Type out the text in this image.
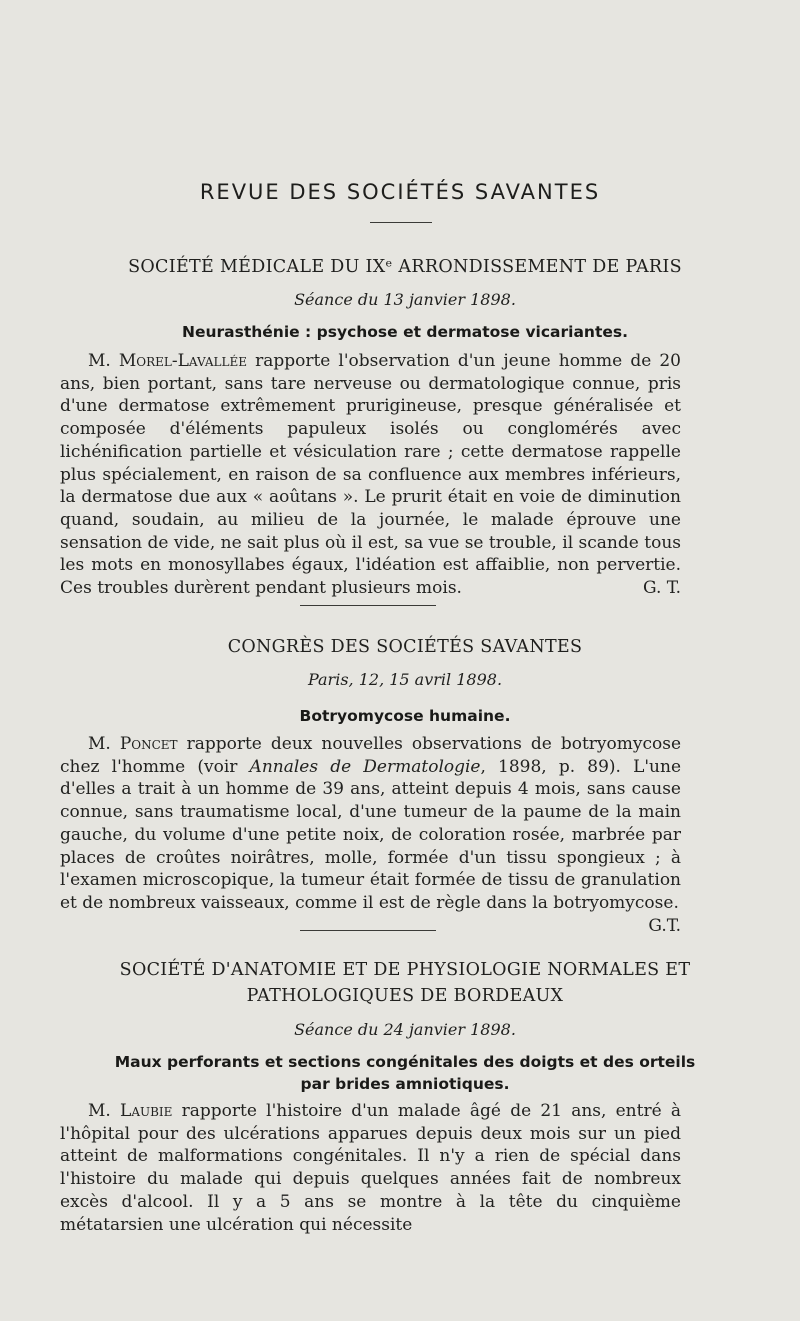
REVUE DES SOCIÉTÉS SAVANTES
SOCIÉTÉ MÉDICALE DU IXᵉ ARRONDISSEMENT DE PARIS
Séance du 13 janvier 1898.
Neurasthénie : psychose et dermatose vicariantes.

M. Morel-Lavallée rapporte l'observation d'un jeune homme de 20 ans, bien portant, sans tare nerveuse ou dermatologique connue, pris d'une dermatose extrêmement prurigineuse, presque généralisée et composée d'éléments papuleux isolés ou conglomérés avec lichénification partielle et vésiculation rare ; cette dermatose rappelle plus spécialement, en raison de sa confluence aux membres inférieurs, la dermatose due aux « aoûtans ». Le prurit était en voie de diminution quand, soudain, au milieu de la journée, le malade éprouve une sensation de vide, ne sait plus où il est, sa vue se trouble, il scande tous les mots en monosyllabes égaux, l'idéation est affaiblie, non pervertie. Ces troubles durèrent pendant plusieurs mois.	G. T.

CONGRÈS DES SOCIÉTÉS SAVANTES
Paris, 12, 15 avril 1898.
Botryomycose humaine.

M. Poncet rapporte deux nouvelles observations de botryomycose chez l'homme (voir Annales de Dermatologie, 1898, p. 89). L'une d'elles a trait à un homme de 39 ans, atteint depuis 4 mois, sans cause connue, sans traumatisme local, d'une tumeur de la paume de la main gauche, du volume d'une petite noix, de coloration rosée, marbrée par places de croûtes noirâtres, molle, formée d'un tissu spongieux ; à l'examen microscopique, la tumeur était formée de tissu de granulation et de nombreux vaisseaux, comme il est de règle dans la botryomycose.
G.T.

SOCIÉTÉ D'ANATOMIE ET DE PHYSIOLOGIE NORMALES ET
PATHOLOGIQUES DE BORDEAUX
Séance du 24 janvier 1898.
Maux perforants et sections congénitales des doigts et des orteils
par brides amniotiques.

M. Laubie rapporte l'histoire d'un malade âgé de 21 ans, entré à l'hôpital pour des ulcérations apparues depuis deux mois sur un pied atteint de malformations congénitales. Il n'y a rien de spécial dans l'histoire du malade qui depuis quelques années fait de nombreux excès d'alcool. Il y a 5 ans se montre à la tête du cinquième métatarsien une ulcération qui nécessite
